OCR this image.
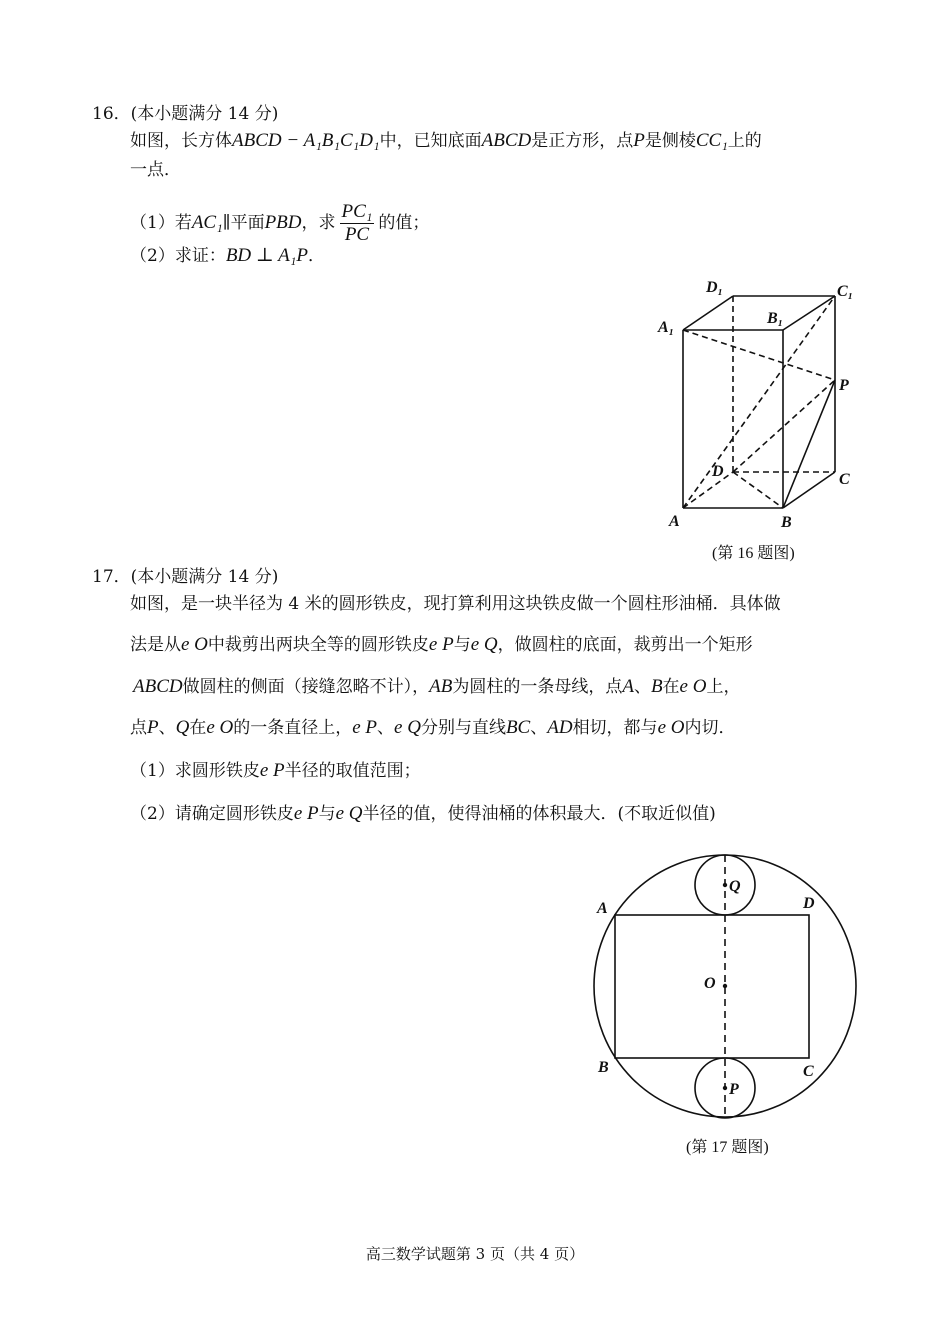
16．(本小题满分 14 分)
如图，长方体ABCD − A₁B₁C₁D₁中，已知底面ABCD是正方形，点P是侧棱CC₁上的
一点．
（1）若AC₁∥平面PBD，求 $\frac{\text{PC₁}}{PC}$ 的值；
（2）求证：BD ⊥ A₁P．
D₁	C₁
A₁
B₁
P
D	C
A	B
(第 16 题图)
17．(本小题满分 14 分)
如图，是一块半径为 4 米的圆形铁皮，现打算利用这块铁皮做一个圆柱形油桶．具体做
法是从e O中裁剪出两块全等的圆形铁皮e P与e Q，做圆柱的底面，裁剪出一个矩形
ABCD做圆柱的侧面（接缝忽略不计），AB为圆柱的一条母线，点A、B在e O上，
点P、Q在e O的一条直径上，e P、e Q分别与直线BC、AD相切，都与e O内切．
（1）求圆形铁皮e P半径的取值范围；
（2）请确定圆形铁皮e P与e Q半径的值，使得油桶的体积最大．(不取近似值)
A	D
B	C
O
P
Q
(第 17 题图)
高三数学试题第 3 页（共 4 页）
